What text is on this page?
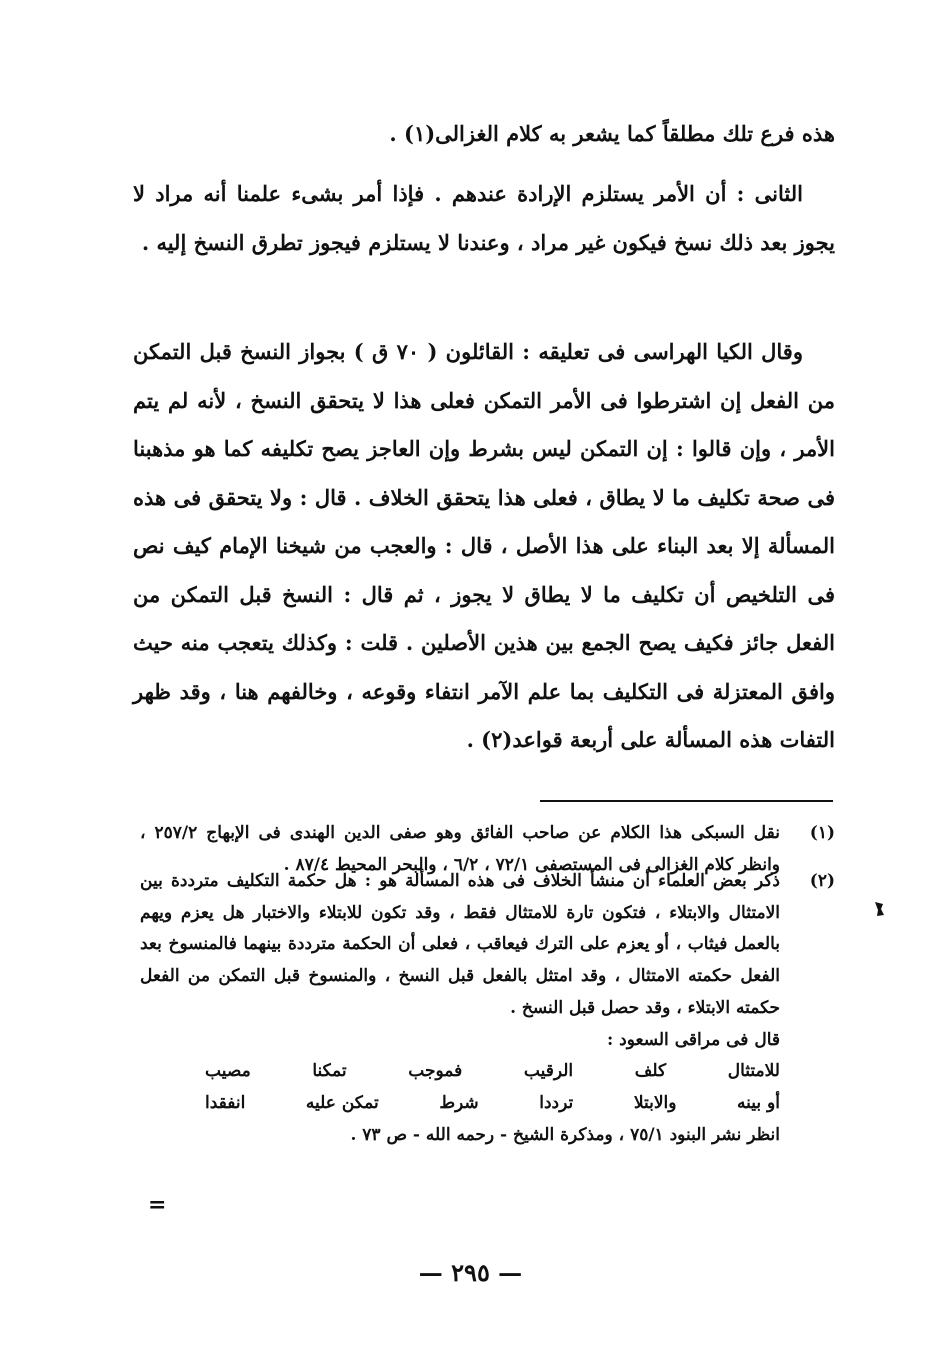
هذه فرع تلك مطلقاً كما يشعر به كلام الغزالى(١) .

الثانى : أن الأمر يستلزم الإرادة عندهم . فإذا أمر بشىء علمنا أنه مراد لا يجوز بعد ذلك نسخ فيكون غير مراد ، وعندنا لا يستلزم فيجوز تطرق النسخ إليه .

وقال الكيا الهراسى فى تعليقه : القائلون ( ٧٠ ق ) بجواز النسخ قبل التمكن من الفعل إن اشترطوا فى الأمر التمكن فعلى هذا لا يتحقق النسخ ، لأنه لم يتم الأمر ، وإن قالوا : إن التمكن ليس بشرط وإن العاجز يصح تكليفه كما هو مذهبنا فى صحة تكليف ما لا يطاق ، فعلى هذا يتحقق الخلاف . قال : ولا يتحقق فى هذه المسألة إلا بعد البناء على هذا الأصل ، قال : والعجب من شيخنا الإمام كيف نص فى التلخيص أن تكليف ما لا يطاق لا يجوز ، ثم قال : النسخ قبل التمكن من الفعل جائز فكيف يصح الجمع بين هذين الأصلين . قلت : وكذلك يتعجب منه حيث وافق المعتزلة فى التكليف بما علم الآمر انتفاء وقوعه ، وخالفهم هنا ، وقد ظهر التفات هذه المسألة على أربعة قواعد(٢) .

(١)
نقل السبكى هذا الكلام عن صاحب الفائق وهو صفى الدين الهندى فى الإبهاج ٢٥٧/٢ ، وانظر كلام الغزالى فى المستصفى ٧٢/١ ، ٦/٢ ، والبحر المحيط ٨٧/٤ .
(٢)
ذكر بعض العلماء أن منشأ الخلاف فى هذه المسألة هو : هل حكمة التكليف مترددة بين الامتثال والابتلاء ، فتكون تارة للامتثال فقط ، وقد تكون للابتلاء والاختبار هل يعزم ويهم بالعمل فيثاب ، أو يعزم على الترك فيعاقب ، فعلى أن الحكمة مترددة بينهما فالمنسوخ بعد الفعل حكمته الامتثال ، وقد امتثل بالفعل قبل النسخ ، والمنسوخ قبل التمكن من الفعل حكمته الابتلاء ، وقد حصل قبل النسخ .
قال فى مراقى السعود :
للامتثال
كلف
الرقيب
فموجب
تمكنا
مصيب
أو بينه
والابتلا
ترددا
شرط
تمكن عليه
انفقدا
انظر نشر البنود ٧٥/١ ، ومذكرة الشيخ - رحمه الله - ص ٧٣ .
=
— ٢٩٥ —
